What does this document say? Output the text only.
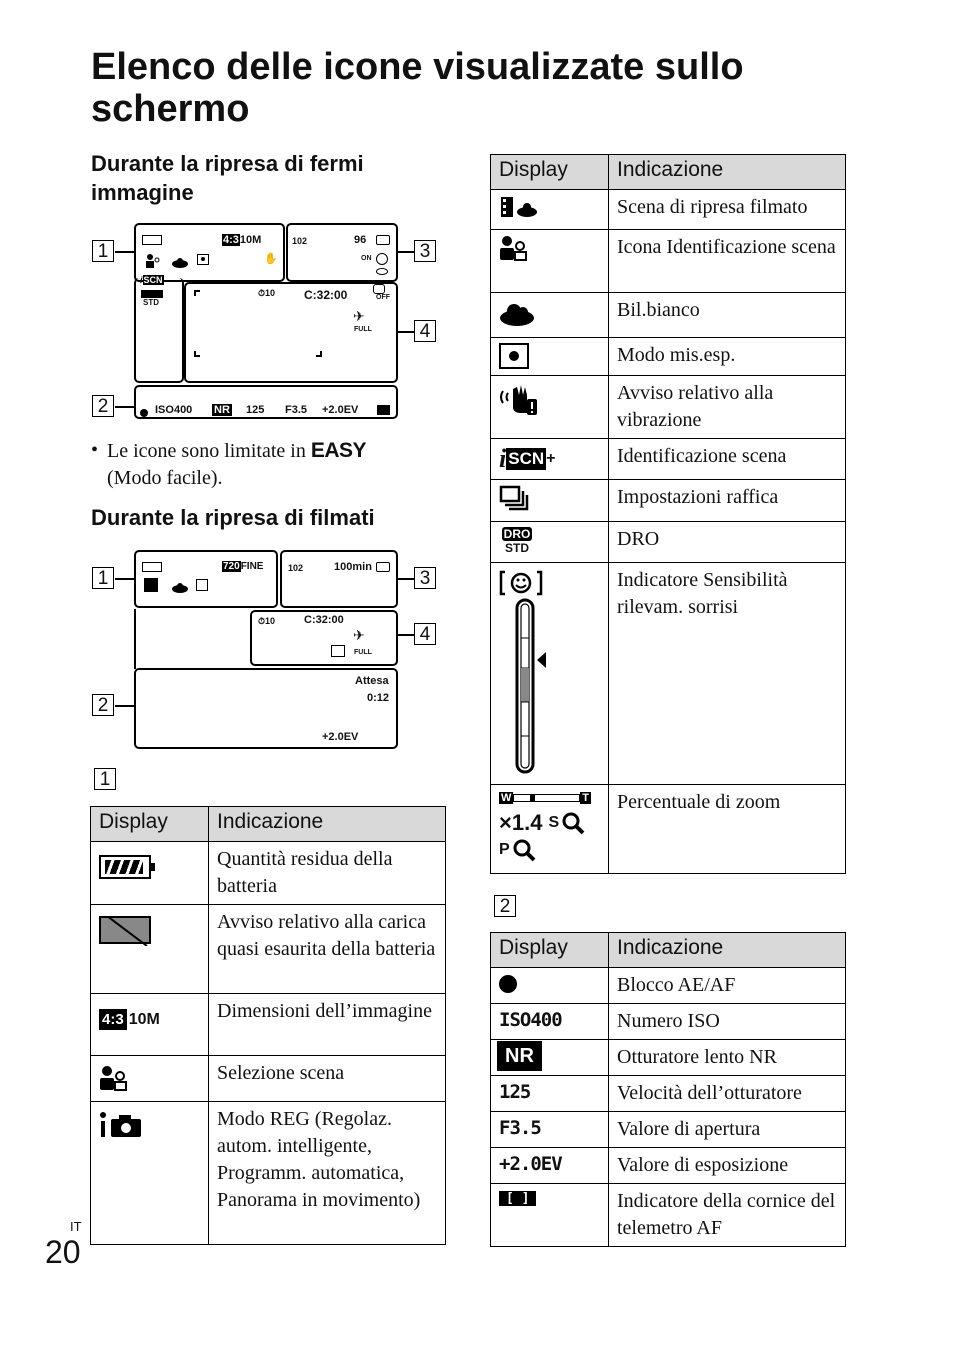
Elenco delle icone visualizzate sullo schermo
Durante la ripresa di fermi immagine
1
2
3
4
4:310M	102	96
ON
✋
iSCN
STD
⏱10 C:32:00	OFF
✈
FULL
ISO400 NR 125 F3.5 +2.0EV
• Le icone sono limitate in EASY
(Modo facile).
Durante la ripresa di filmati
1
2
3
4
720FINE	102	100min
⏱10	C:32:00
✈
FULL
Attesa
0:12
+2.0EV
1
Display	Indicazione

	Quantità residua della batteria

	Avviso relativo alla carica quasi esaurita della batteria

4:3 10M	Dimensioni dell’immagine

	Selezione scena

	Modo REG (Regolaz. autom. intelligente, Programm. automatica, Panorama in movimento)
Display	Indicazione

	Scena di ripresa filmato

	Icona Identificazione scena

	Bil.bianco

	Modo mis.esp.

	Avviso relativo alla vibrazione

i SCN +	Identificazione scena

	Impostazioni raffica

DRO
STD	DRO

	Indicatore Sensibilità rilevam. sorrisi

W T
×1.4 S
P	Percentuale di zoom
2
Display	Indicazione

	Blocco AE/AF
ISO400	Numero ISO
NR	Otturatore lento NR
125	Velocità dell’otturatore
F3.5	Valore di apertura
+2.0EV	Valore di esposizione
[ ]	Indicatore della cornice del telemetro AF
IT
20
